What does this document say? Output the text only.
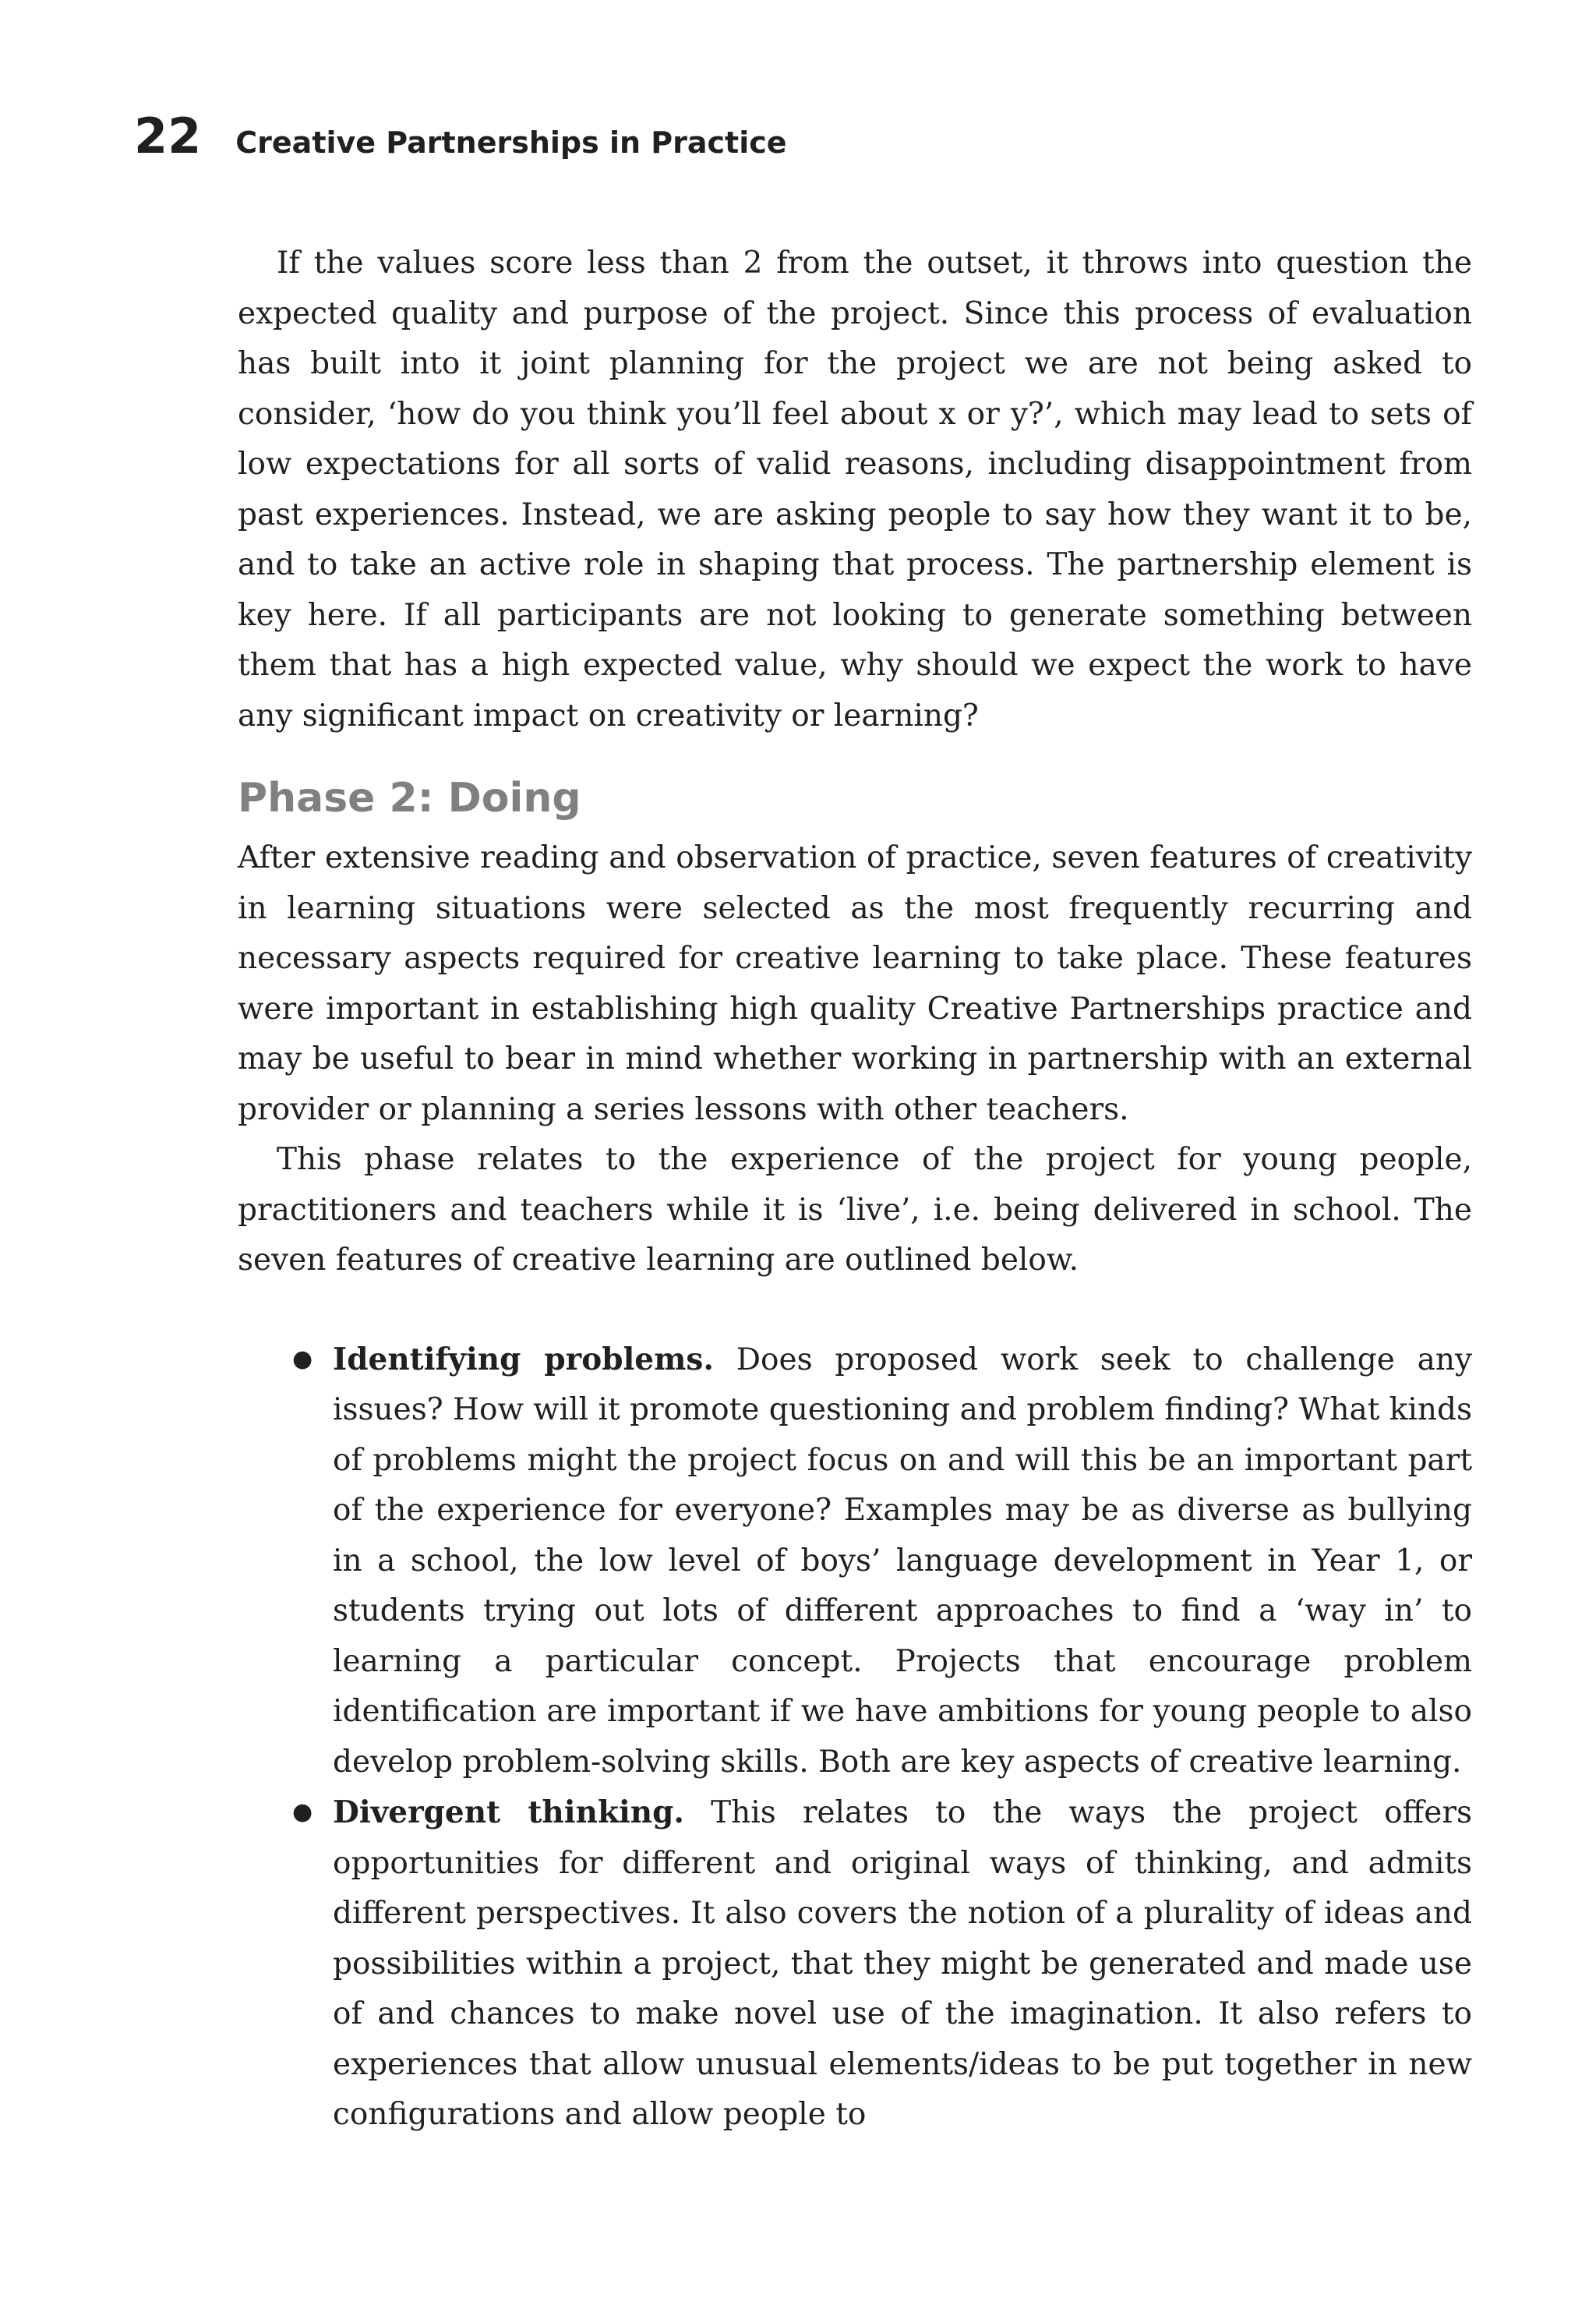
22 Creative Partnerships in Practice

If the values score less than 2 from the outset, it throws into question the expected quality and purpose of the project. Since this process of evaluation has built into it joint planning for the project we are not being asked to consider, ‘how do you think you’ll feel about x or y?’, which may lead to sets of low expectations for all sorts of valid reasons, including disappointment from past experiences. Instead, we are asking people to say how they want it to be, and to take an active role in shaping that process. The partnership element is key here. If all participants are not looking to generate something between them that has a high expected value, why should we expect the work to have any significant impact on creativity or learning?

Phase 2: Doing

After extensive reading and observation of practice, seven features of creativity in learning situations were selected as the most frequently recurring and necessary aspects required for creative learning to take place. These features were important in establishing high quality Creative Partnerships practice and may be useful to bear in mind whether working in partnership with an external provider or planning a series lessons with other teachers.

This phase relates to the experience of the project for young people, practitioners and teachers while it is ‘live’, i.e. being delivered in school. The seven features of creative learning are outlined below.

● Identifying problems. Does proposed work seek to challenge any issues? How will it promote questioning and problem finding? What kinds of problems might the project focus on and will this be an important part of the experience for everyone? Examples may be as diverse as bullying in a school, the low level of boys’ language development in Year 1, or students trying out lots of different approaches to find a ‘way in’ to learning a particular concept. Projects that encourage problem identification are important if we have ambitions for young people to also develop problem-solving skills. Both are key aspects of creative learning.
● Divergent thinking. This relates to the ways the project offers opportunities for different and original ways of thinking, and admits different perspectives. It also covers the notion of a plurality of ideas and possibilities within a project, that they might be generated and made use of and chances to make novel use of the imagination. It also refers to experiences that allow unusual elements/ideas to be put together in new configurations and allow people to
